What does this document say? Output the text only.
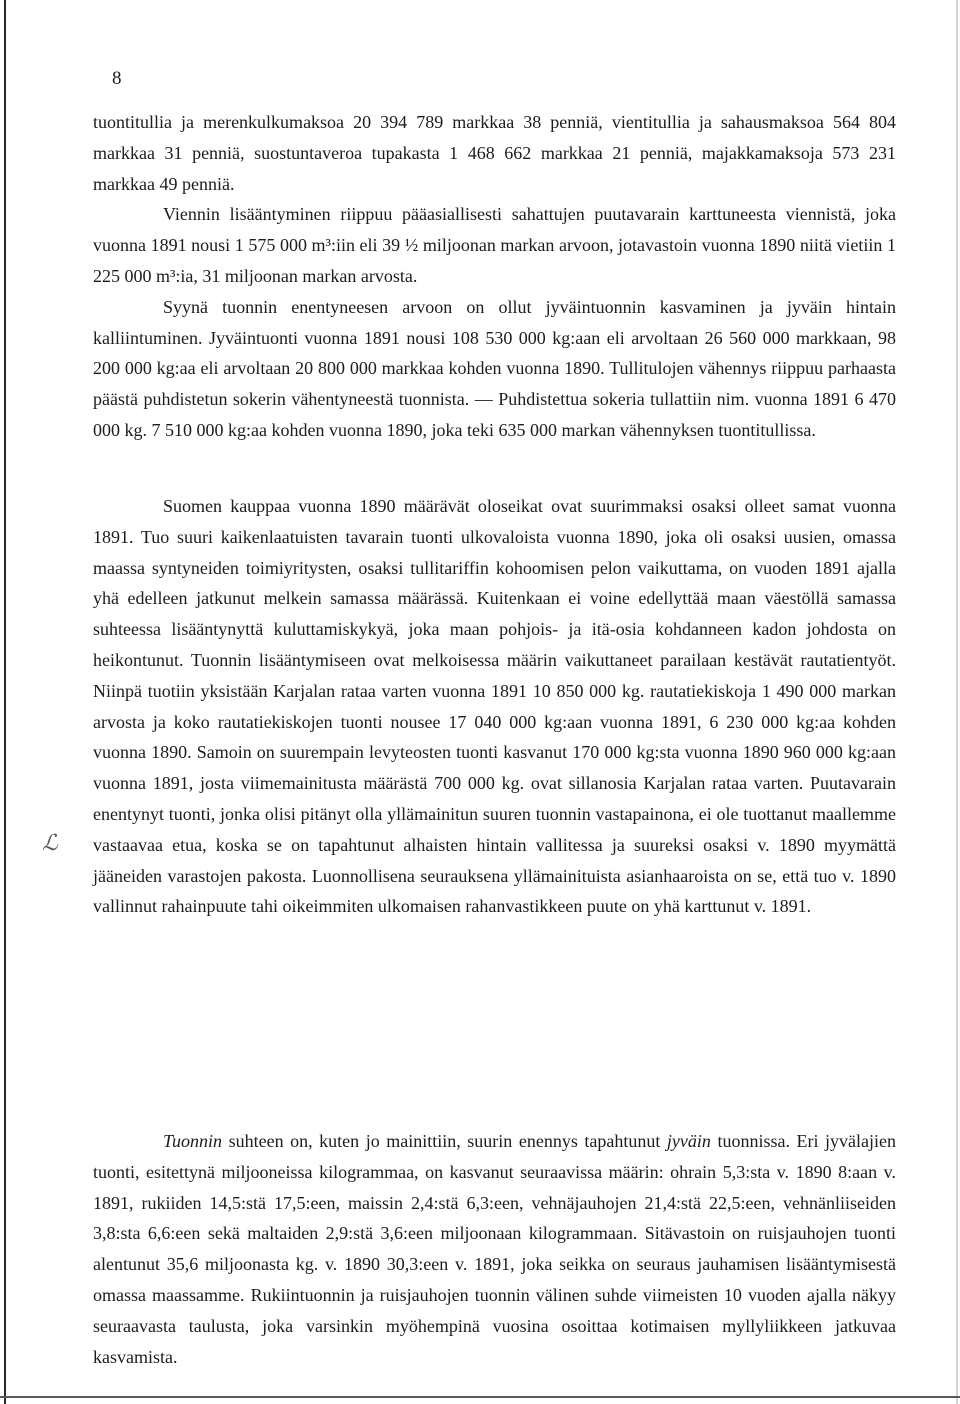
8
ℒ

tuontitullia ja merenkulkumaksoa 20 394 789 markkaa 38 penniä, vientitullia ja sahausmaksoa 564 804 markkaa 31 penniä, suostuntaveroa tupakasta 1 468 662 markkaa 21 penniä, majakkamaksoja 573 231 markkaa 49 penniä.

Viennin lisääntyminen riippuu pääasiallisesti sahattujen puutavarain karttuneesta viennistä, joka vuonna 1891 nousi 1 575 000 m³:iin eli 39 ½ miljoonan markan arvoon, jotavastoin vuonna 1890 niitä vietiin 1 225 000 m³:ia, 31 miljoonan markan arvosta.

Syynä tuonnin enentyneesen arvoon on ollut jyväintuonnin kasvaminen ja jyväin hintain kalliintuminen. Jyväintuonti vuonna 1891 nousi 108 530 000 kg:aan eli arvoltaan 26 560 000 markkaan, 98 200 000 kg:aa eli arvoltaan 20 800 000 markkaa kohden vuonna 1890. Tullitulojen vähennys riippuu parhaasta päästä puhdistetun sokerin vähentyneestä tuonnista. — Puhdistettua sokeria tullattiin nim. vuonna 1891 6 470 000 kg. 7 510 000 kg:aa kohden vuonna 1890, joka teki 635 000 markan vähennyksen tuontitullissa.

Suomen kauppaa vuonna 1890 määrävät oloseikat ovat suurimmaksi osaksi olleet samat vuonna 1891. Tuo suuri kaikenlaatuisten tavarain tuonti ulkovaloista vuonna 1890, joka oli osaksi uusien, omassa maassa syntyneiden toimiyritysten, osaksi tullitariffin kohoomisen pelon vaikuttama, on vuoden 1891 ajalla yhä edelleen jatkunut melkein samassa määrässä. Kuitenkaan ei voine edellyttää maan väestöllä samassa suhteessa lisääntynyttä kuluttamiskykyä, joka maan pohjois- ja itä-osia kohdanneen kadon johdosta on heikontunut. Tuonnin lisääntymiseen ovat melkoisessa määrin vaikuttaneet parailaan kestävät rautatientyöt. Niinpä tuotiin yksistään Karjalan rataa varten vuonna 1891 10 850 000 kg. rautatiekiskoja 1 490 000 markan arvosta ja koko rautatiekiskojen tuonti nousee 17 040 000 kg:aan vuonna 1891, 6 230 000 kg:aa kohden vuonna 1890. Samoin on suurempain levyteosten tuonti kasvanut 170 000 kg:sta vuonna 1890 960 000 kg:aan vuonna 1891, josta viimemainitusta määrästä 700 000 kg. ovat sillanosia Karjalan rataa varten. Puutavarain enentynyt tuonti, jonka olisi pitänyt olla yllämainitun suuren tuonnin vastapainona, ei ole tuottanut maallemme vastaavaa etua, koska se on tapahtunut alhaisten hintain vallitessa ja suureksi osaksi v. 1890 myymättä jääneiden varastojen pakosta. Luonnollisena seurauksena yllämainituista asianhaaroista on se, että tuo v. 1890 vallinnut rahainpuute tahi oikeimmiten ulkomaisen rahanvastikkeen puute on yhä karttunut v. 1891.

Tuonnin suhteen on, kuten jo mainittiin, suurin enennys tapahtunut jyväin tuonnissa. Eri jyvälajien tuonti, esitettynä miljooneissa kilogrammaa, on kasvanut seuraavissa määrin: ohrain 5,3:sta v. 1890 8:aan v. 1891, rukiiden 14,5:stä 17,5:een, maissin 2,4:stä 6,3:een, vehnäjauhojen 21,4:stä 22,5:een, vehnänliiseiden 3,8:sta 6,6:een sekä maltaiden 2,9:stä 3,6:een miljoonaan kilogrammaan. Sitävastoin on ruisjauhojen tuonti alentunut 35,6 miljoonasta kg. v. 1890 30,3:een v. 1891, joka seikka on seuraus jauhamisen lisääntymisestä omassa maassamme. Rukiintuonnin ja ruisjauhojen tuonnin välinen suhde viimeisten 10 vuoden ajalla näkyy seuraavasta taulusta, joka varsinkin myöhempinä vuosina osoittaa kotimaisen myllyliikkeen jatkuvaa kasvamista.
